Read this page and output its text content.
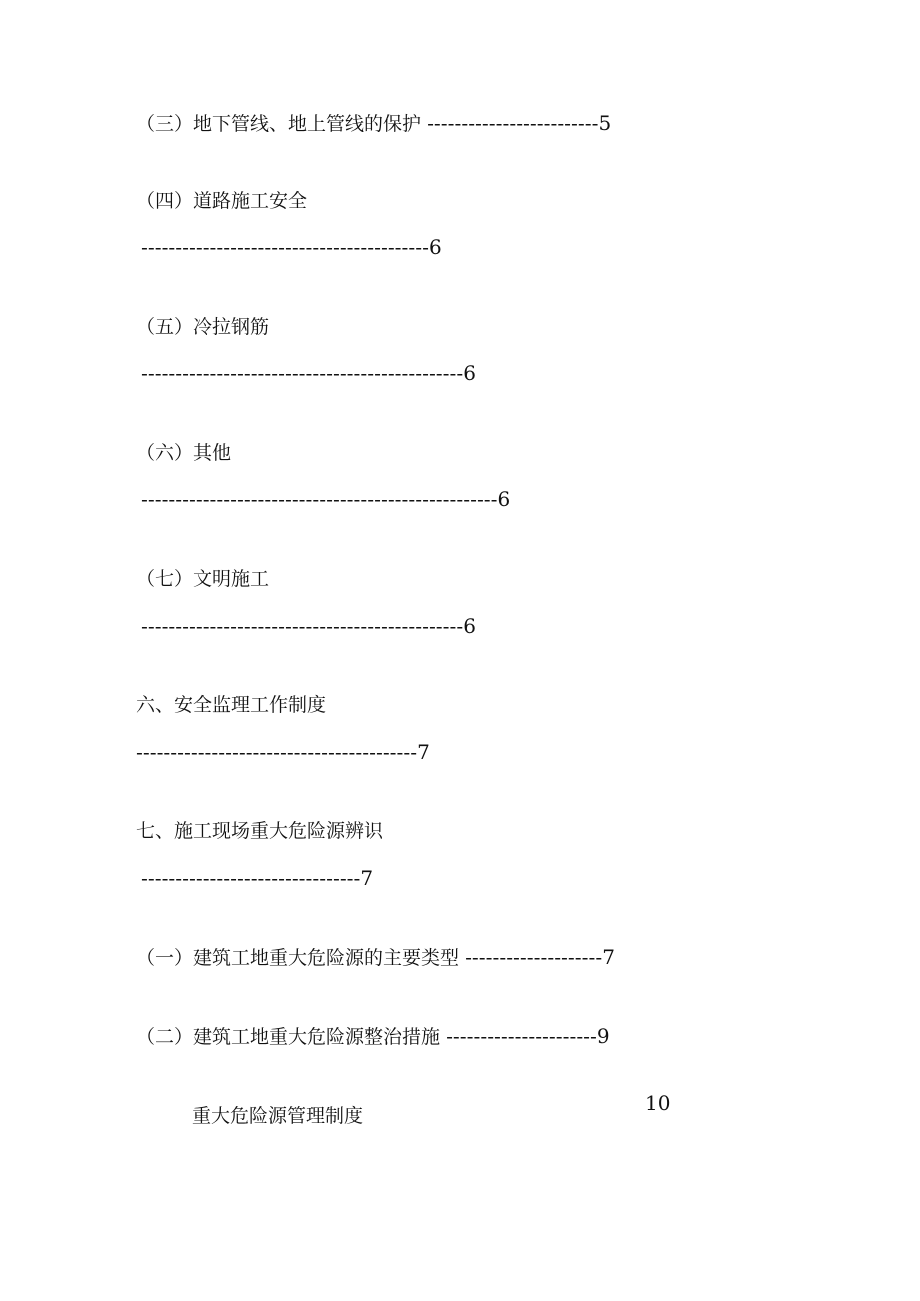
（三）地下管线、地上管线的保护 -------------------------5
（四）道路施工安全
------------------------------------------6
（五）冷拉钢筋
-----------------------------------------------6
（六）其他
----------------------------------------------------6
（七）文明施工
-----------------------------------------------6
六、安全监理工作制度
-----------------------------------------7
七、施工现场重大危险源辨识
--------------------------------7
（一）建筑工地重大危险源的主要类型 --------------------7
（二）建筑工地重大危险源整治措施 ----------------------9
10
重大危险源管理制度
